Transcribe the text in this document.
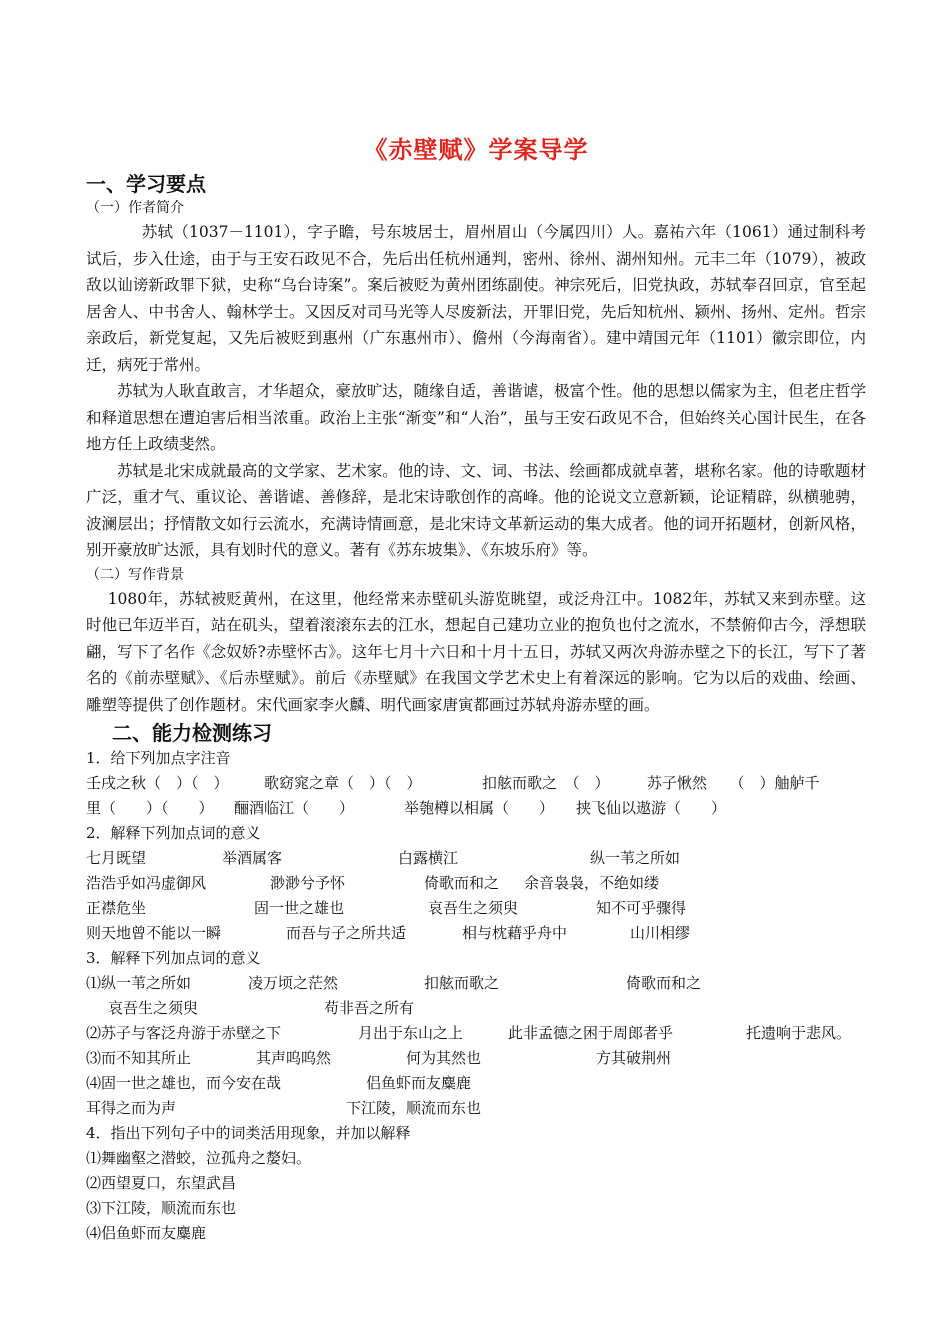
《赤壁赋》学案导学
一、学习要点
（一）作者简介

苏轼（1037－1101），字子瞻，号东坡居士，眉州眉山（今属四川）人。嘉祐六年（1061）通过制科考试后，步入仕途，由于与王安石政见不合，先后出任杭州通判，密州、徐州、湖州知州。元丰二年（1079），被政敌以讪谤新政罪下狱，史称“乌台诗案”。案后被贬为黄州团练副使。神宗死后，旧党执政，苏轼奉召回京，官至起居舍人、中书舍人、翰林学士。又因反对司马光等人尽废新法，开罪旧党，先后知杭州、颍州、扬州、定州。哲宗亲政后，新党复起，又先后被贬到惠州（广东惠州市）、儋州（今海南省）。建中靖国元年（1101）徽宗即位，内迁，病死于常州。

苏轼为人耿直敢言，才华超众，豪放旷达，随缘自适，善谐谑，极富个性。他的思想以儒家为主，但老庄哲学和释道思想在遭迫害后相当浓重。政治上主张“渐变”和“人治”，虽与王安石政见不合，但始终关心国计民生，在各地方任上政绩斐然。

苏轼是北宋成就最高的文学家、艺术家。他的诗、文、词、书法、绘画都成就卓著，堪称名家。他的诗歌题材广泛，重才气、重议论、善谐谑、善修辞，是北宋诗歌创作的高峰。他的论说文立意新颖，论证精辟，纵横驰骋，波澜层出；抒情散文如行云流水，充满诗情画意，是北宋诗文革新运动的集大成者。他的词开拓题材，创新风格，别开豪放旷达派，具有划时代的意义。著有《苏东坡集》、《东坡乐府》等。

（二）写作背景

1080年，苏轼被贬黄州，在这里，他经常来赤壁矶头游览眺望，或泛舟江中。1082年，苏轼又来到赤壁。这时他已年迈半百，站在矶头，望着滚滚东去的江水，想起自己建功立业的抱负也付之流水，不禁俯仰古今，浮想联翩，写下了名作《念奴娇?赤壁怀古》。这年七月十六日和十月十五日，苏轼又两次舟游赤壁之下的长江，写下了著名的《前赤壁赋》、《后赤壁赋》。前后《赤壁赋》在我国文学艺术史上有着深远的影响。它为以后的戏曲、绘画、雕塑等提供了创作题材。宋代画家李火麟、明代画家唐寅都画过苏轼舟游赤壁的画。

二、能力检测练习
1．给下列加点字注音
壬戌之秋（　）（　）	歌窈窕之章（　）（　）	扣舷而歌之　（　）	苏子愀然　　（　）舳舻千
里（　　）（　　）	酾酒临江（　　）	举匏樽以相属（　　）	挟飞仙以遨游（　　）
2．解释下列加点词的意义
七月既望	举酒属客	白露横江	纵一苇之所如
浩浩乎如冯虚御风	渺渺兮予怀	倚歌而和之	余音袅袅，不绝如缕
正襟危坐	固一世之雄也	哀吾生之须臾	知不可乎骤得
则天地曾不能以一瞬	而吾与子之所共适	相与枕藉乎舟中	山川相缪
3．解释下列加点词的意义
⑴纵一苇之所如	凌万顷之茫然	扣舷而歌之	倚歌而和之
哀吾生之须臾	苟非吾之所有
⑵苏子与客泛舟游于赤壁之下	月出于东山之上	此非孟德之困于周郎者乎	托遗响于悲风。
⑶而不知其所止	其声呜呜然	何为其然也	方其破荆州
⑷固一世之雄也，而今安在哉	侣鱼虾而友麋鹿
耳得之而为声	下江陵，顺流而东也
4．指出下列句子中的词类活用现象，并加以解释
⑴舞幽壑之潜蛟，泣孤舟之嫠妇。
⑵西望夏口，东望武昌
⑶下江陵，顺流而东也
⑷侣鱼虾而友麋鹿
